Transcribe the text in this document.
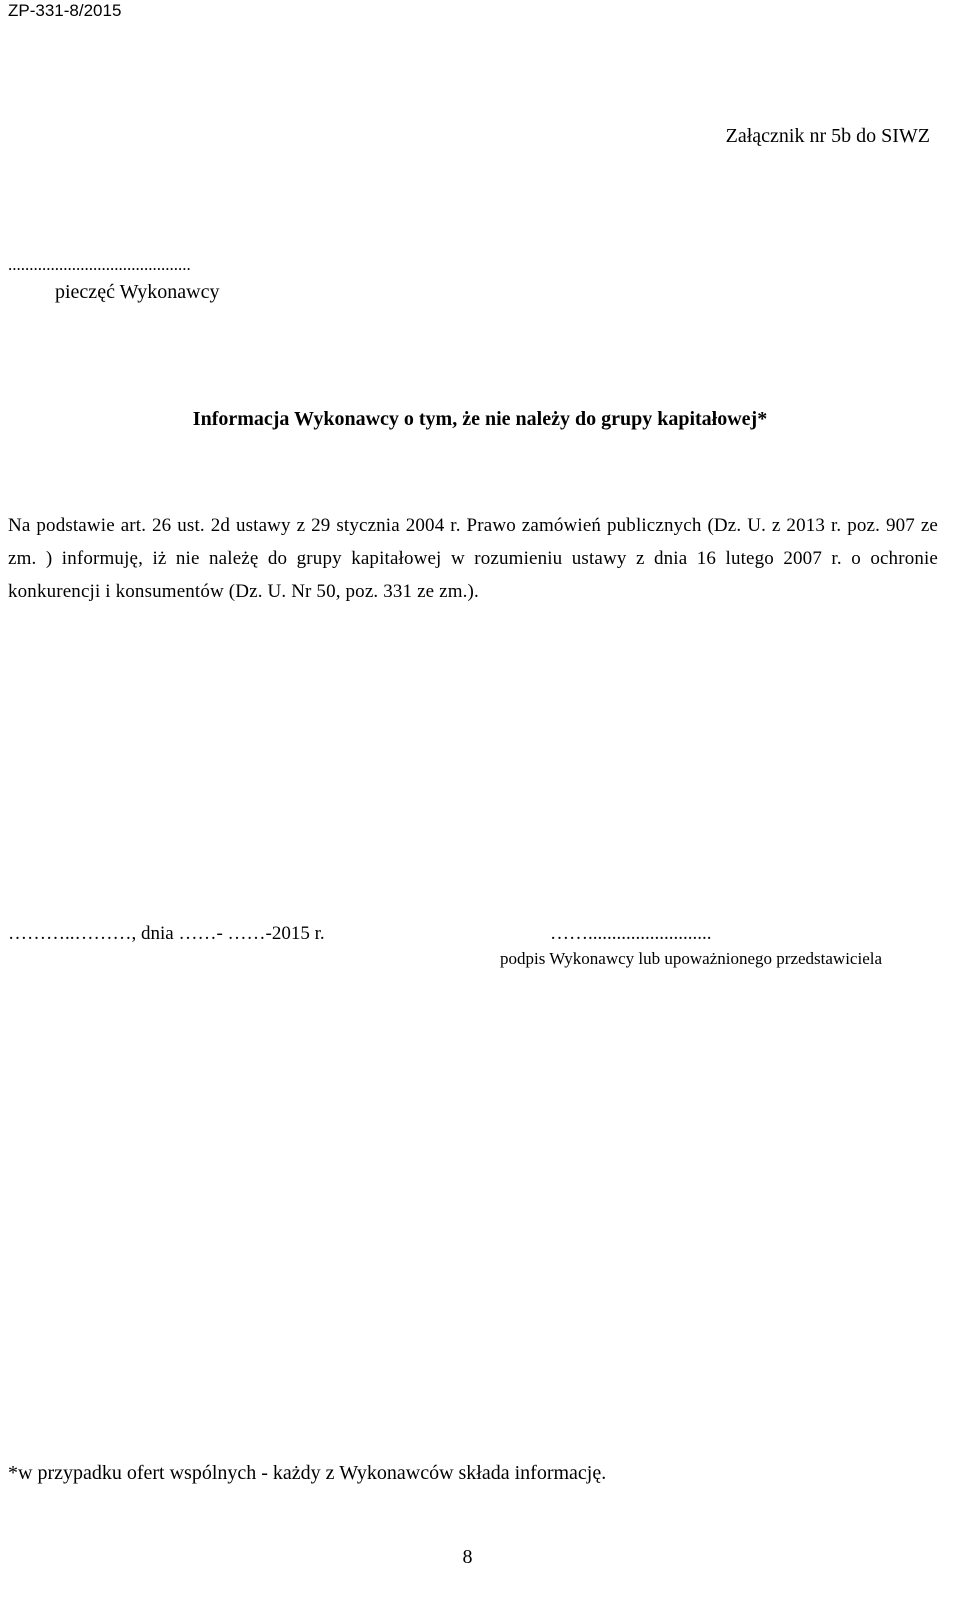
ZP-331-8/2015
Załącznik nr 5b do SIWZ
...........................................
pieczęć Wykonawcy
Informacja Wykonawcy o tym, że nie należy do grupy kapitałowej*
Na podstawie art. 26 ust. 2d ustawy z 29 stycznia 2004 r. Prawo zamówień publicznych (Dz. U. z 2013 r. poz. 907 ze zm. ) informuję, iż nie należę do grupy kapitałowej w rozumieniu ustawy z dnia 16 lutego 2007 r. o ochronie konkurencji i konsumentów (Dz. U. Nr 50, poz. 331 ze zm.).
………..………, dnia ……- ……-2015 r.	……..........................
podpis Wykonawcy lub upoważnionego przedstawiciela
*w przypadku ofert wspólnych - każdy z Wykonawców składa informację.
8
